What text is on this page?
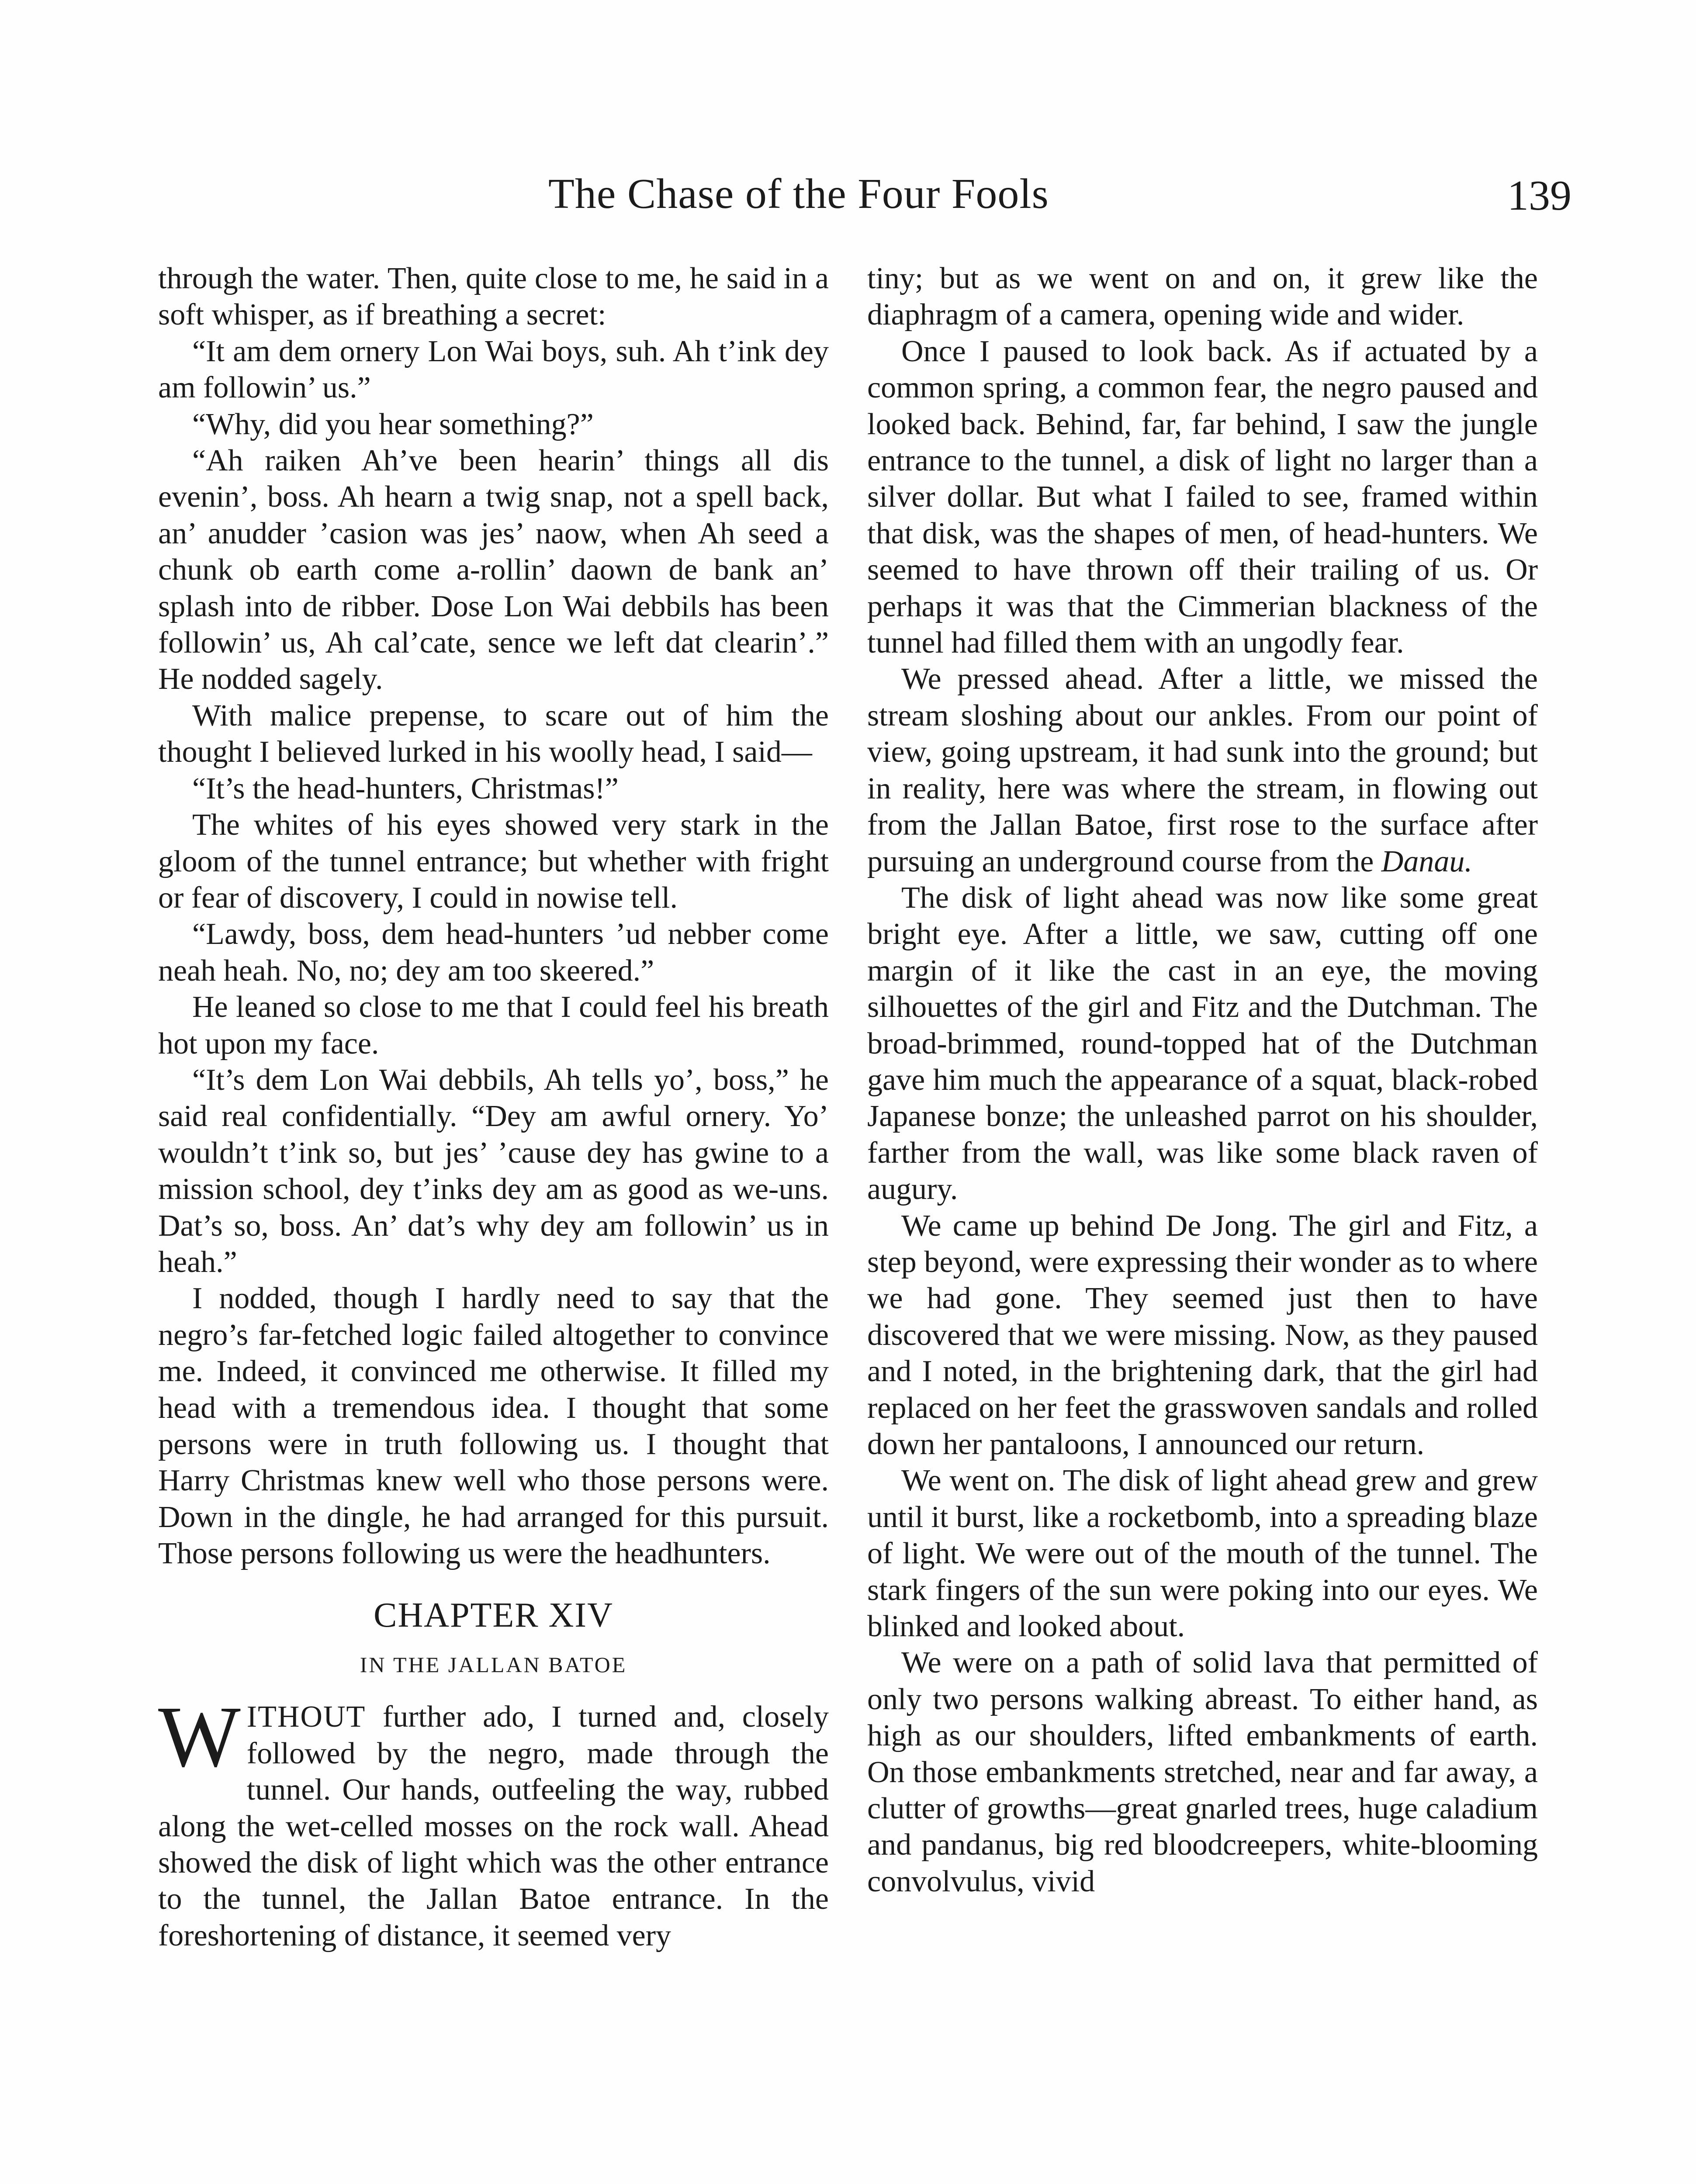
The Chase of the Four Fools	139

through the water. Then, quite close to me, he said in a soft whisper, as if breathing a secret:

“It am dem ornery Lon Wai boys, suh. Ah t’ink dey am followin’ us.”

“Why, did you hear something?”

“Ah raiken Ah’ve been hearin’ things all dis evenin’, boss. Ah hearn a twig snap, not a spell back, an’ anudder ’casion was jes’ naow, when Ah seed a chunk ob earth come a-rollin’ daown de bank an’ splash into de ribber. Dose Lon Wai debbils has been followin’ us, Ah cal’cate, sence we left dat clearin’.” He nodded sagely.

With malice prepense, to scare out of him the thought I believed lurked in his woolly head, I said—

“It’s the head-hunters, Christmas!”

The whites of his eyes showed very stark in the gloom of the tunnel entrance; but whether with fright or fear of discovery, I could in nowise tell.

“Lawdy, boss, dem head-hunters ’ud nebber come neah heah. No, no; dey am too skeered.”

He leaned so close to me that I could feel his breath hot upon my face.

“It’s dem Lon Wai debbils, Ah tells yo’, boss,” he said real confidentially. “Dey am awful ornery. Yo’ wouldn’t t’ink so, but jes’ ’cause dey has gwine to a mission school, dey t’inks dey am as good as we-uns. Dat’s so, boss. An’ dat’s why dey am followin’ us in heah.”

I nodded, though I hardly need to say that the negro’s far-fetched logic failed altogether to convince me. Indeed, it convinced me otherwise. It filled my head with a tremendous idea. I thought that some persons were in truth following us. I thought that Harry Christmas knew well who those persons were. Down in the dingle, he had arranged for this pursuit. Those persons following us were the headhunters.

CHAPTER XIV
IN THE JALLAN BATOE

WITHOUT further ado, I turned and, closely followed by the negro, made through the tunnel. Our hands, outfeeling the way, rubbed along the wet-celled mosses on the rock wall. Ahead showed the disk of light which was the other entrance to the tunnel, the Jallan Batoe entrance. In the foreshortening of distance, it seemed very

tiny; but as we went on and on, it grew like the diaphragm of a camera, opening wide and wider.

Once I paused to look back. As if actuated by a common spring, a common fear, the negro paused and looked back. Behind, far, far behind, I saw the jungle entrance to the tunnel, a disk of light no larger than a silver dollar. But what I failed to see, framed within that disk, was the shapes of men, of head-hunters. We seemed to have thrown off their trailing of us. Or perhaps it was that the Cimmerian blackness of the tunnel had filled them with an ungodly fear.

We pressed ahead. After a little, we missed the stream sloshing about our ankles. From our point of view, going upstream, it had sunk into the ground; but in reality, here was where the stream, in flowing out from the Jallan Batoe, first rose to the surface after pursuing an underground course from the Danau.

The disk of light ahead was now like some great bright eye. After a little, we saw, cutting off one margin of it like the cast in an eye, the moving silhouettes of the girl and Fitz and the Dutchman. The broad-brimmed, round-topped hat of the Dutchman gave him much the appearance of a squat, black-robed Japanese bonze; the unleashed parrot on his shoulder, farther from the wall, was like some black raven of augury.

We came up behind De Jong. The girl and Fitz, a step beyond, were expressing their wonder as to where we had gone. They seemed just then to have discovered that we were missing. Now, as they paused and I noted, in the brightening dark, that the girl had replaced on her feet the grasswoven sandals and rolled down her pantaloons, I announced our return.

We went on. The disk of light ahead grew and grew until it burst, like a rocketbomb, into a spreading blaze of light. We were out of the mouth of the tunnel. The stark fingers of the sun were poking into our eyes. We blinked and looked about.

We were on a path of solid lava that permitted of only two persons walking abreast. To either hand, as high as our shoulders, lifted embankments of earth. On those embankments stretched, near and far away, a clutter of growths—great gnarled trees, huge caladium and pandanus, big red bloodcreepers, white-blooming convolvulus, vivid
